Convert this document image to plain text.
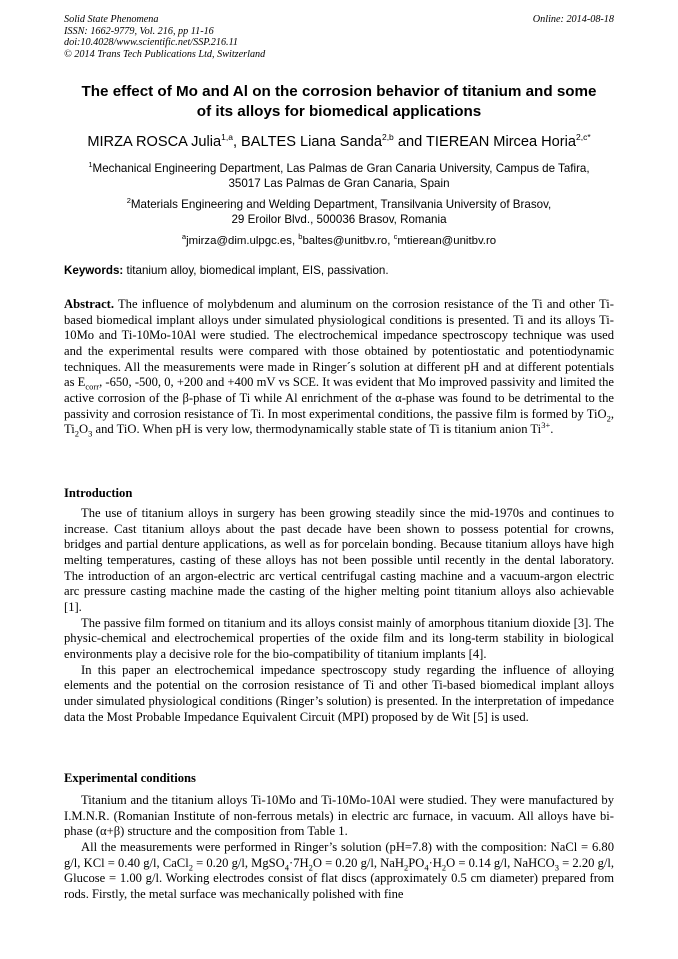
Solid State Phenomena
ISSN: 1662-9779, Vol. 216, pp 11-16
doi:10.4028/www.scientific.net/SSP.216.11
© 2014 Trans Tech Publications Ltd, Switzerland
Online: 2014-08-18
The effect of Mo and Al on the corrosion behavior of titanium and some
of its alloys for biomedical applications
MIRZA ROSCA Julia$^{1,a}$, BALTES Liana Sanda$^{2,b}$ and TIEREAN Mircea Horia$^{2,c*}$
$^1$Mechanical Engineering Department, Las Palmas de Gran Canaria University, Campus de Tafira,
35017 Las Palmas de Gran Canaria, Spain
$^2$Materials Engineering and Welding Department, Transilvania University of Brasov,
29 Eroilor Blvd., 500036 Brasov, Romania
$^a$jmirza@dim.ulpgc.es, $^b$baltes@unitbv.ro, $^c$mtierean@unitbv.ro
Keywords: titanium alloy, biomedical implant, EIS, passivation.

Abstract. The influence of molybdenum and aluminum on the corrosion resistance of the Ti and other Ti-based biomedical implant alloys under simulated physiological conditions is presented. Ti and its alloys Ti-10Mo and Ti-10Mo-10Al were studied. The electrochemical impedance spectroscopy technique was used and the experimental results were compared with those obtained by potentiostatic and potentiodynamic techniques. All the measurements were made in Ringer´s solution at different pH and at different potentials as $E_{corr}$, -650, -500, 0, +200 and +400 mV vs SCE. It was evident that Mo improved passivity and limited the active corrosion of the β-phase of Ti while Al enrichment of the α-phase was found to be detrimental to the passivity and corrosion resistance of Ti. In most experimental conditions, the passive film is formed by TiO$_2$, $Ti_2O_3$ and TiO. When pH is very low, thermodynamically stable state of Ti is titanium anion $Ti^{3+}$.

Introduction

The use of titanium alloys in surgery has been growing steadily since the mid-1970s and continues to increase. Cast titanium alloys about the past decade have been shown to possess potential for crowns, bridges and partial denture applications, as well as for porcelain bonding. Because titanium alloys have high melting temperatures, casting of these alloys has not been possible until recently in the dental laboratory. The introduction of an argon-electric arc vertical centrifugal casting machine and a vacuum-argon electric arc pressure casting machine made the casting of the higher melting point titanium alloys also achievable [1].

The passive film formed on titanium and its alloys consist mainly of amorphous titanium dioxide [3]. The physic-chemical and electrochemical properties of the oxide film and its long-term stability in biological environments play a decisive role for the bio-compatibility of titanium implants [4].

In this paper an electrochemical impedance spectroscopy study regarding the influence of alloying elements and the potential on the corrosion resistance of Ti and other Ti-based biomedical implant alloys under simulated physiological conditions (Ringer’s solution) is presented. In the interpretation of impedance data the Most Probable Impedance Equivalent Circuit (MPI) proposed by de Wit [5] is used.

Experimental conditions

Titanium and the titanium alloys Ti-10Mo and Ti-10Mo-10Al were studied. They were manufactured by I.M.N.R. (Romanian Institute of non-ferrous metals) in electric arc furnace, in vacuum. All alloys have bi-phase (α+β) structure and the composition from Table 1.

All the measurements were performed in Ringer’s solution (pH=7.8) with the composition: NaCl = 6.80 g/l, KCl = 0.40 g/l, CaCl$_2$ = 0.20 g/l, $MgSO_4\cdot 7H_2O = 0.20$ g/l, $NaH_2PO_4\cdot H_2O = 0.14$ g/l, NaHCO$_3$ = 2.20 g/l, Glucose = 1.00 g/l. Working electrodes consist of flat discs (approximately 0.5 cm diameter) prepared from rods. Firstly, the metal surface was mechanically polished with fine
